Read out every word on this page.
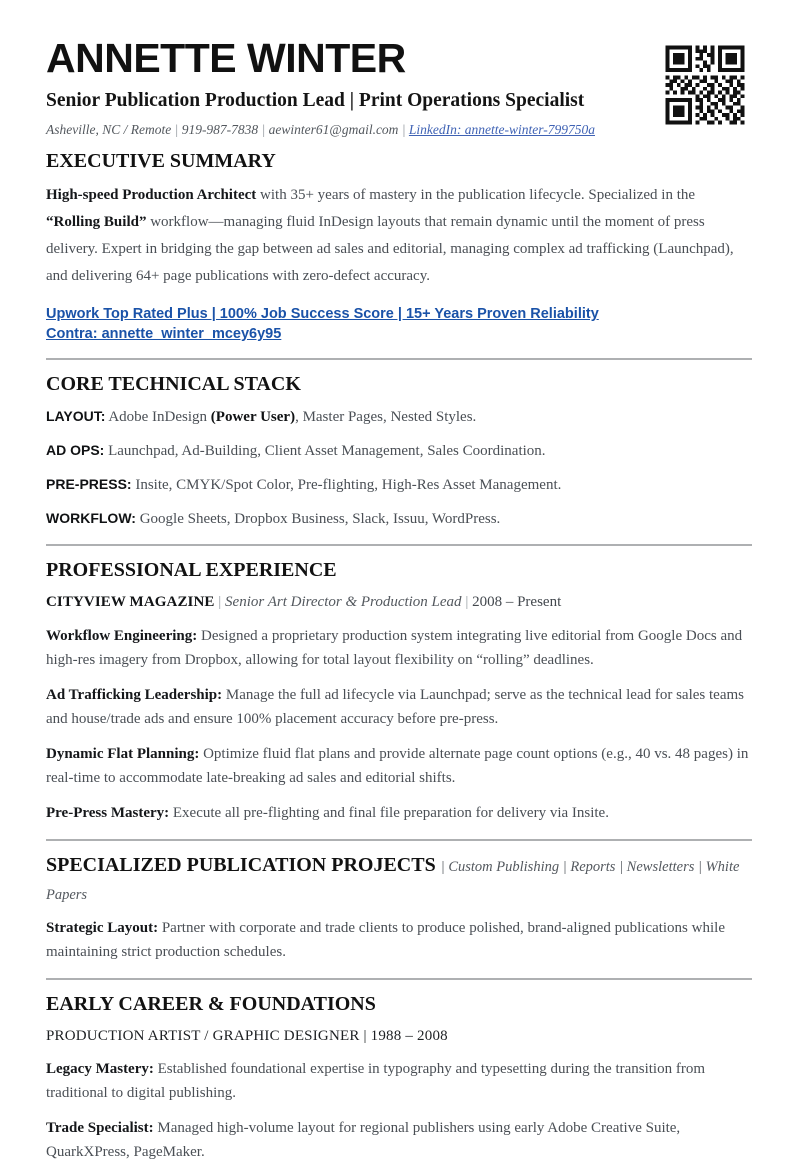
ANNETTE WINTER
Senior Publication Production Lead | Print Operations Specialist
Asheville, NC / Remote | 919-987-7838 | aewinter61@gmail.com | LinkedIn: annette-winter-799750a
EXECUTIVE SUMMARY

High-speed Production Architect with 35+ years of mastery in the publication lifecycle. Specialized in the “Rolling Build” workflow—managing fluid InDesign layouts that remain dynamic until the moment of press delivery. Expert in bridging the gap between ad sales and editorial, managing complex ad trafficking (Launchpad), and delivering 64+ page publications with zero-defect accuracy.

Upwork Top Rated Plus | 100% Job Success Score | 15+ Years Proven Reliability
Contra: annette_winter_mcey6y95
CORE TECHNICAL STACK

LAYOUT: Adobe InDesign (Power User), Master Pages, Nested Styles.

AD OPS: Launchpad, Ad-Building, Client Asset Management, Sales Coordination.

PRE-PRESS: Insite, CMYK/Spot Color, Pre-flighting, High-Res Asset Management.

WORKFLOW: Google Sheets, Dropbox Business, Slack, Issuu, WordPress.

PROFESSIONAL EXPERIENCE

CITYVIEW MAGAZINE | Senior Art Director & Production Lead | 2008 – Present

Workflow Engineering: Designed a proprietary production system integrating live editorial from Google Docs and high-res imagery from Dropbox, allowing for total layout flexibility on “rolling” deadlines.

Ad Trafficking Leadership: Manage the full ad lifecycle via Launchpad; serve as the technical lead for sales teams and house/trade ads and ensure 100% placement accuracy before pre-press.

Dynamic Flat Planning: Optimize fluid flat plans and provide alternate page count options (e.g., 40 vs. 48 pages) in real-time to accommodate late-breaking ad sales and editorial shifts.

Pre-Press Mastery: Execute all pre-flighting and final file preparation for delivery via Insite.

SPECIALIZED PUBLICATION PROJECTS | Custom Publishing | Reports | Newsletters | White Papers

Strategic Layout: Partner with corporate and trade clients to produce polished, brand-aligned publications while maintaining strict production schedules.

EARLY CAREER & FOUNDATIONS

PRODUCTION ARTIST / GRAPHIC DESIGNER | 1988 – 2008

Legacy Mastery: Established foundational expertise in typography and typesetting during the transition from traditional to digital publishing.

Trade Specialist: Managed high-volume layout for regional publishers using early Adobe Creative Suite, QuarkXPress, PageMaker.
